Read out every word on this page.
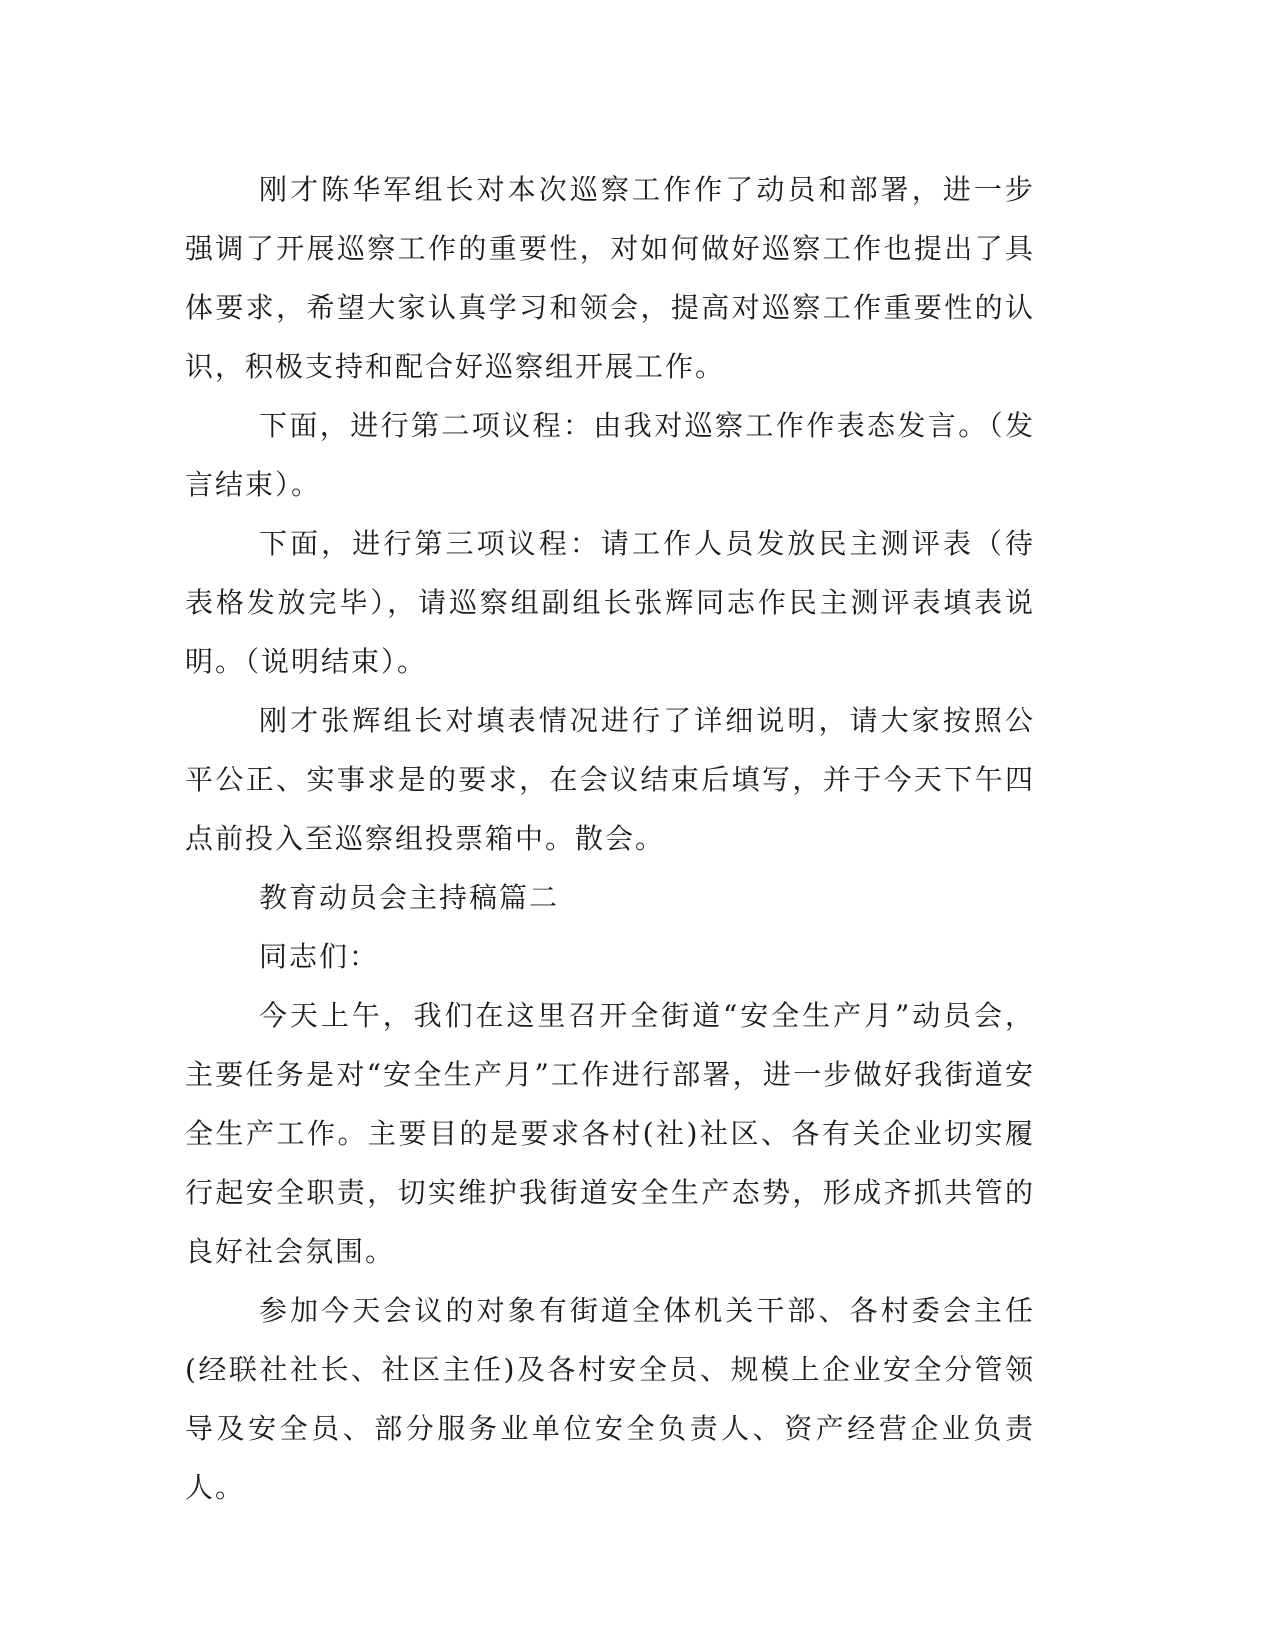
刚才陈华军组长对本次巡察工作作了动员和部署，进一步强调了开展巡察工作的重要性，对如何做好巡察工作也提出了具体要求，希望大家认真学习和领会，提高对巡察工作重要性的认识，积极支持和配合好巡察组开展工作。

下面，进行第二项议程：由我对巡察工作作表态发言。（发言结束）。

下面，进行第三项议程：请工作人员发放民主测评表（待表格发放完毕），请巡察组副组长张辉同志作民主测评表填表说明。（说明结束）。

刚才张辉组长对填表情况进行了详细说明，请大家按照公平公正、实事求是的要求，在会议结束后填写，并于今天下午四点前投入至巡察组投票箱中。散会。

教育动员会主持稿篇二

同志们：

今天上午，我们在这里召开全街道“安全生产月”动员会，主要任务是对“安全生产月”工作进行部署，进一步做好我街道安全生产工作。主要目的是要求各村(社)社区、各有关企业切实履行起安全职责，切实维护我街道安全生产态势，形成齐抓共管的良好社会氛围。

参加今天会议的对象有街道全体机关干部、各村委会主任(经联社社长、社区主任)及各村安全员、规模上企业安全分管领导及安全员、部分服务业单位安全负责人、资产经营企业负责人。
